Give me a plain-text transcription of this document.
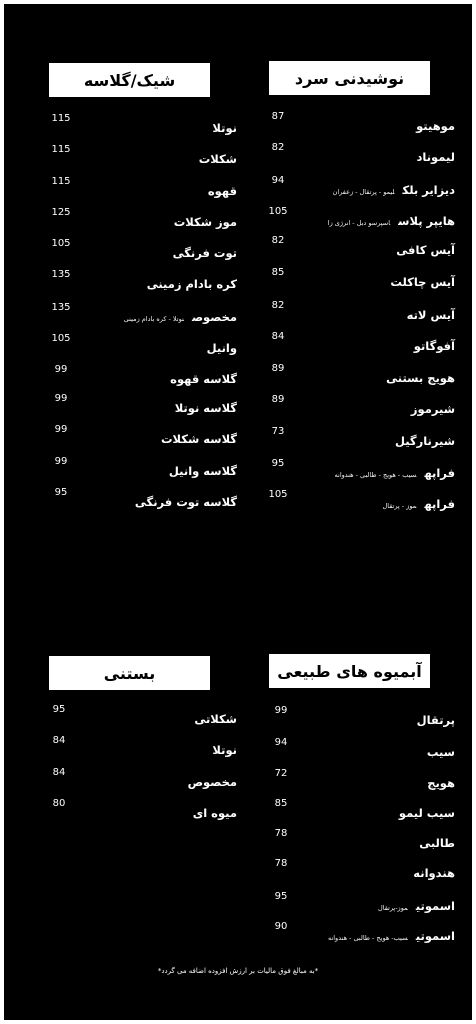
شیک/گلاسه	نوشیدنی سرد
بستنی	آبمیوه های طبیعی
نوتلا
115
شکلات
115
قهوه
115
موز شکلات
125
توت فرنگی
105
کره بادام زمینی
135
مخصوصنوتلا - کره بادام زمینی
135
وانیل
105
گلاسه قهوه
99
گلاسه نوتلا
99
گلاسه شکلات
99
گلاسه وانیل
99
گلاسه توت فرنگی
95
موهیتو
87
لیموناد
82
دیزایر بلکلیمو - پرتقال - زعفران
94
هایپر پلاساسپرسو دبل - انرژی زا
105
آیس کافی
82
آیس چاکلت
85
آیس لاته
82
آفوگاتو
84
هویج بستنی
89
شیرموز
89
شیرنارگیل
73
فراپهسیب - هویج - طالبی - هندوانه
95
فراپهموز - پرتقال
105
شکلاتی
95
نوتلا
84
مخصوص
84
میوه ای
80
پرتقال
99
سیب
94
هویج
72
سیب لیمو
85
طالبی
78
هندوانه
78
اسموتیموز-پرتقال
95
اسموتیسیب- هویج - طالبی - هندوانه
90
*به مبالغ فوق مالیات بر ارزش افزوده اضافه می گردد*
